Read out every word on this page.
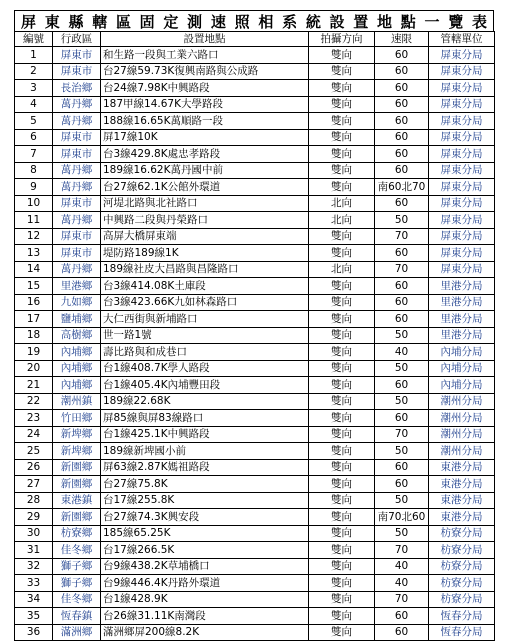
屏 東 縣 轄 區 固 定 測 速 照 相 系 統 設 置 地 點 一 覽 表
編號	行政區	設置地點	拍攝方向	速限	管轄單位
1	屏東市	和生路一段與工業六路口	雙向	60	屏東分局
2	屏東市	台27線59.73K復興南路與公成路	雙向	60	屏東分局
3	長治鄉	台24線7.98K中興路段	雙向	60	屏東分局
4	萬丹鄉	187甲線14.67K大學路段	雙向	60	屏東分局
5	萬丹鄉	188線16.65K萬順路一段	雙向	60	屏東分局
6	屏東市	屏17線10K	雙向	60	屏東分局
7	屏東市	台3線429.8K處忠孝路段	雙向	60	屏東分局
8	萬丹鄉	189線16.62K萬丹國中前	雙向	60	屏東分局
9	萬丹鄉	台27線62.1K公館外環道	雙向	南60北70	屏東分局
10	屏東市	河堤北路與北社路口	北向	60	屏東分局
11	萬丹鄉	中興路二段與丹榮路口	北向	50	屏東分局
12	屏東市	高屏大橋屏東端	雙向	70	屏東分局
13	屏東市	堤防路189線1K	雙向	60	屏東分局
14	萬丹鄉	189線社皮大昌路與昌隆路口	北向	70	屏東分局
15	里港鄉	台3線414.08K土庫段	雙向	60	里港分局
16	九如鄉	台3線423.66K九如林森路口	雙向	60	里港分局
17	鹽埔鄉	大仁西街與新埔路口	雙向	60	里港分局
18	高樹鄉	世一路1號	雙向	50	里港分局
19	內埔鄉	壽比路與和成巷口	雙向	40	內埔分局
20	內埔鄉	台1線408.7K學人路段	雙向	50	內埔分局
21	內埔鄉	台1線405.4K內埔豐田段	雙向	60	內埔分局
22	潮州鎮	189線22.68K	雙向	50	潮州分局
23	竹田鄉	屏85線與屏83線路口	雙向	60	潮州分局
24	新埤鄉	台1線425.1K中興路段	雙向	70	潮州分局
25	新埤鄉	189線新埤國小前	雙向	50	潮州分局
26	新園鄉	屏63線2.87K媽祖路段	雙向	60	東港分局
27	新園鄉	台27線75.8K	雙向	60	東港分局
28	東港鎮	台17線255.8K	雙向	50	東港分局
29	新園鄉	台27線74.3K興安段	雙向	南70北60	東港分局
30	枋寮鄉	185線65.25K	雙向	50	枋寮分局
31	佳冬鄉	台17線266.5K	雙向	70	枋寮分局
32	獅子鄉	台9線438.2K草埔橋口	雙向	40	枋寮分局
33	獅子鄉	台9線446.4K丹路外環道	雙向	40	枋寮分局
34	佳冬鄉	台1線428.9K	雙向	70	枋寮分局
35	恆春鎮	台26線31.11K南灣段	雙向	60	恆春分局
36	滿洲鄉	滿洲鄉屏200線8.2K	雙向	60	恆春分局
